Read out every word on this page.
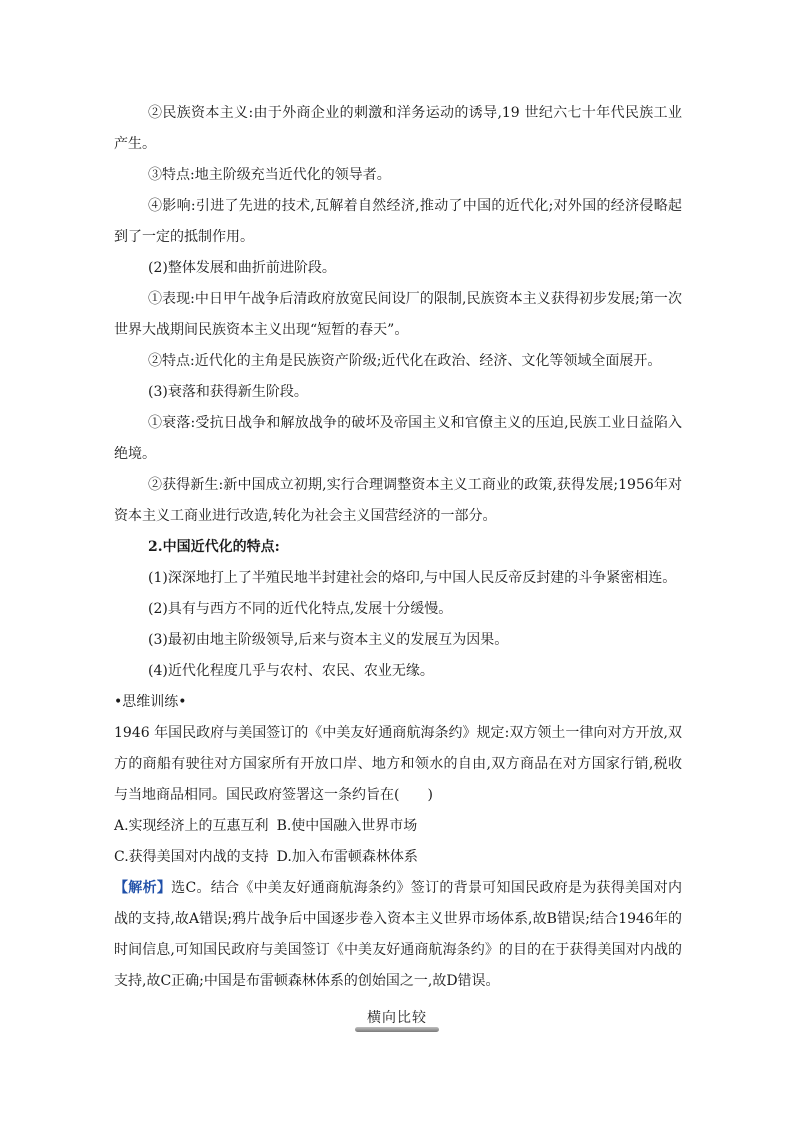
②民族资本主义:由于外商企业的刺激和洋务运动的诱导,19 世纪六七十年代民族工业产生。

③特点:地主阶级充当近代化的领导者。

④影响:引进了先进的技术,瓦解着自然经济,推动了中国的近代化;对外国的经济侵略起到了一定的抵制作用。

(2)整体发展和曲折前进阶段。

①表现:中日甲午战争后清政府放宽民间设厂的限制,民族资本主义获得初步发展;第一次世界大战期间民族资本主义出现“短暂的春天”。

②特点:近代化的主角是民族资产阶级;近代化在政治、经济、文化等领域全面展开。

(3)衰落和获得新生阶段。

①衰落:受抗日战争和解放战争的破坏及帝国主义和官僚主义的压迫,民族工业日益陷入绝境。

②获得新生:新中国成立初期,实行合理调整资本主义工商业的政策,获得发展;1956年对资本主义工商业进行改造,转化为社会主义国营经济的一部分。

2.中国近代化的特点:

(1)深深地打上了半殖民地半封建社会的烙印,与中国人民反帝反封建的斗争紧密相连。

(2)具有与西方不同的近代化特点,发展十分缓慢。

(3)最初由地主阶级领导,后来与资本主义的发展互为因果。

(4)近代化程度几乎与农村、农民、农业无缘。

•思维训练•

1946 年国民政府与美国签订的《中美友好通商航海条约》规定:双方领土一律向对方开放,双方的商船有驶往对方国家所有开放口岸、地方和领水的自由,双方商品在对方国家行销,税收与当地商品相同。国民政府签署这一条约旨在(　　)

A.实现经济上的互惠互利 B.使中国融入世界市场

C.获得美国对内战的支持 D.加入布雷顿森林体系

【解析】选C。结合《中美友好通商航海条约》签订的背景可知国民政府是为获得美国对内战的支持,故A错误;鸦片战争后中国逐步卷入资本主义世界市场体系,故B错误;结合1946年的时间信息,可知国民政府与美国签订《中美友好通商航海条约》的目的在于获得美国对内战的支持,故C正确;中国是布雷顿森林体系的创始国之一,故D错误。

横向比较
